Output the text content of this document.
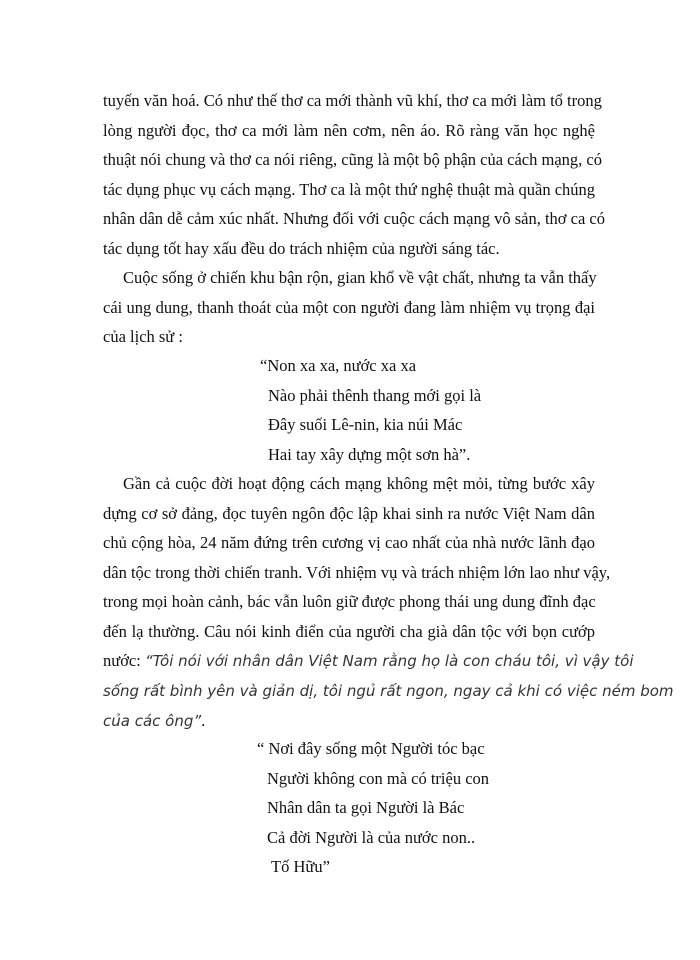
tuyến văn hoá. Có như thế thơ ca mới thành vũ khí, thơ ca mới làm tổ trong
lòng người đọc, thơ ca mới làm nên cơm, nên áo. Rõ ràng văn học nghệ
thuật nói chung và thơ ca nói riêng, cũng là một bộ phận của cách mạng, có
tác dụng phục vụ cách mạng. Thơ ca là một thứ nghệ thuật mà quần chúng
nhân dân dễ cảm xúc nhất. Nhưng đối với cuộc cách mạng vô sản, thơ ca có
tác dụng tốt hay xấu đều do trách nhiệm của người sáng tác.
Cuộc sống ở chiến khu bận rộn, gian khổ về vật chất, nhưng ta vẫn thấy
cái ung dung, thanh thoát của một con người đang làm nhiệm vụ trọng đại
của lịch sử :
“Non xa xa, nước xa xa
Nào phải thênh thang mới gọi là
Đây suối Lê-nin, kia núi Mác
Hai tay xây dựng một sơn hà”.
Gần cả cuộc đời hoạt động cách mạng không mệt mỏi, từng bước xây
dựng cơ sở đảng, đọc tuyên ngôn độc lập khai sinh ra nước Việt Nam dân
chủ cộng hòa, 24 năm đứng trên cương vị cao nhất của nhà nước lãnh đạo
dân tộc trong thời chiến tranh. Với nhiệm vụ và trách nhiệm lớn lao như vậy,
trong mọi hoàn cảnh, bác vẫn luôn giữ được phong thái ung dung đĩnh đạc
đến lạ thường. Câu nói kinh điển của người cha già dân tộc với bọn cướp
nước: “Tôi nói với nhân dân Việt Nam rằng họ là con cháu tôi, vì vậy tôi
sống rất bình yên và giản dị, tôi ngủ rất ngon, ngay cả khi có việc ném bom
của các ông”.
“ Nơi đây sống một Người tóc bạc
Người không con mà có triệu con
Nhân dân ta gọi Người là Bác
Cả đời Người là của nước non..
Tố Hữu”
